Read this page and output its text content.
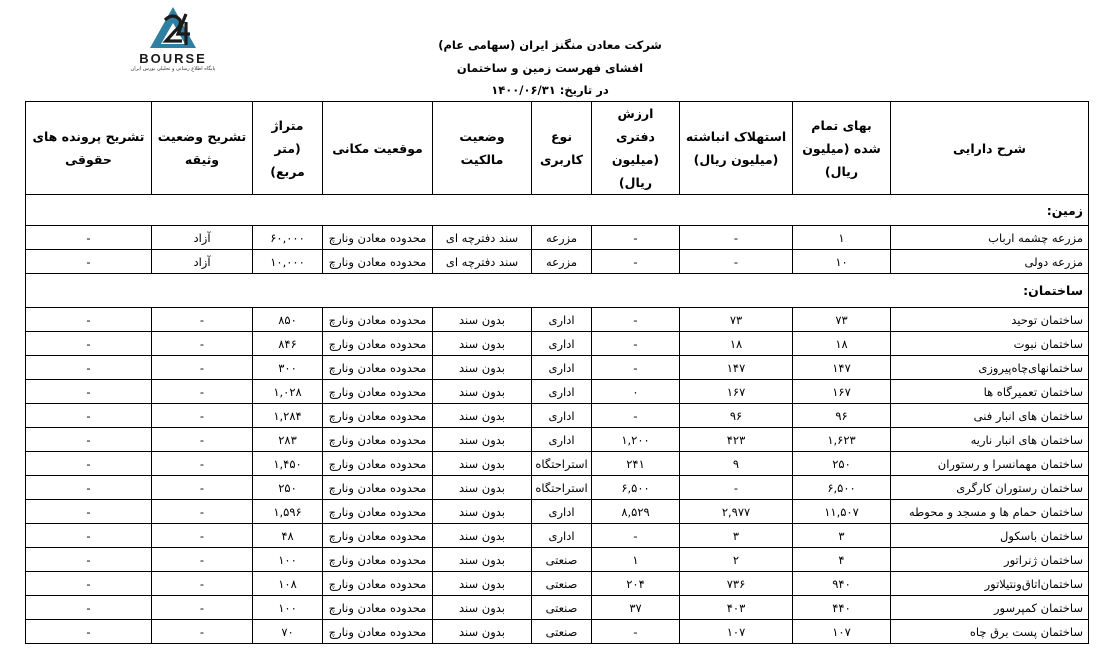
BOURSE
پایگاه اطلاع رسانی و تحلیلی بورس ایران
شرکت معادن منگنز ایران (سهامی عام)
افشای فهرست زمین و ساختمان
در تاریخ: ۱۴۰۰/۰۶/۳۱
شرح دارایی	بهای تمام شده (میلیون ریال)	استهلاک انباشته (میلیون ریال)	ارزش دفتری (میلیون ریال)	نوع کاربری	وضعیت مالکیت	موقعیت مکانی	متراژ (متر مربع)	تشریح وضعیت وثیقه	تشریح پرونده های حقوقی
زمین:									
مزرعه چشمه ارباب	۱	-	-	مزرعه	سند دفترچه ای	محدوده معادن ونارچ	۶۰,۰۰۰	آزاد	-
مزرعه دولی	۱۰	-	-	مزرعه	سند دفترچه ای	محدوده معادن ونارچ	۱۰,۰۰۰	آزاد	-
ساختمان:									
ساختمان توحید	۷۳	۷۳	-	اداری	بدون سند	محدوده معادن ونارچ	۸۵۰	-	-
ساختمان نبوت	۱۸	۱۸	-	اداری	بدون سند	محدوده معادن ونارچ	۸۴۶	-	-
ساختمانهای‌چاه‌پیروزی	۱۴۷	۱۴۷	-	اداری	بدون سند	محدوده معادن ونارچ	۳۰۰	-	-
ساختمان تعمیرگاه ها	۱۶۷	۱۶۷	۰	اداری	بدون سند	محدوده معادن ونارچ	۱,۰۲۸	-	-
ساختمان های انبار فنی	۹۶	۹۶	-	اداری	بدون سند	محدوده معادن ونارچ	۱,۲۸۴	-	-
ساختمان های انبار ناریه	۱,۶۲۳	۴۲۳	۱,۲۰۰	اداری	بدون سند	محدوده معادن ونارچ	۲۸۳	-	-
ساختمان مهمانسرا و رستوران	۲۵۰	۹	۲۴۱	استراحتگاه	بدون سند	محدوده معادن ونارچ	۱,۴۵۰	-	-
ساختمان رستوران کارگری	۶,۵۰۰	-	۶,۵۰۰	استراحتگاه	بدون سند	محدوده معادن ونارچ	۲۵۰	-	-
ساختمان حمام ها و مسجد و محوطه	۱۱,۵۰۷	۲,۹۷۷	۸,۵۲۹	اداری	بدون سند	محدوده معادن ونارچ	۱,۵۹۶	-	-
ساختمان باسکول	۳	۳	-	اداری	بدون سند	محدوده معادن ونارچ	۴۸	-	-
ساختمان ژنراتور	۴	۲	۱	صنعتی	بدون سند	محدوده معادن ونارچ	۱۰۰	-	-
ساختمان‌اتاق‌ونتیلاتور	۹۴۰	۷۳۶	۲۰۴	صنعتی	بدون سند	محدوده معادن ونارچ	۱۰۸	-	-
ساختمان کمپرسور	۴۴۰	۴۰۳	۳۷	صنعتی	بدون سند	محدوده معادن ونارچ	۱۰۰	-	-
ساختمان پست برق چاه	۱۰۷	۱۰۷	-	صنعتی	بدون سند	محدوده معادن ونارچ	۷۰	-	-
